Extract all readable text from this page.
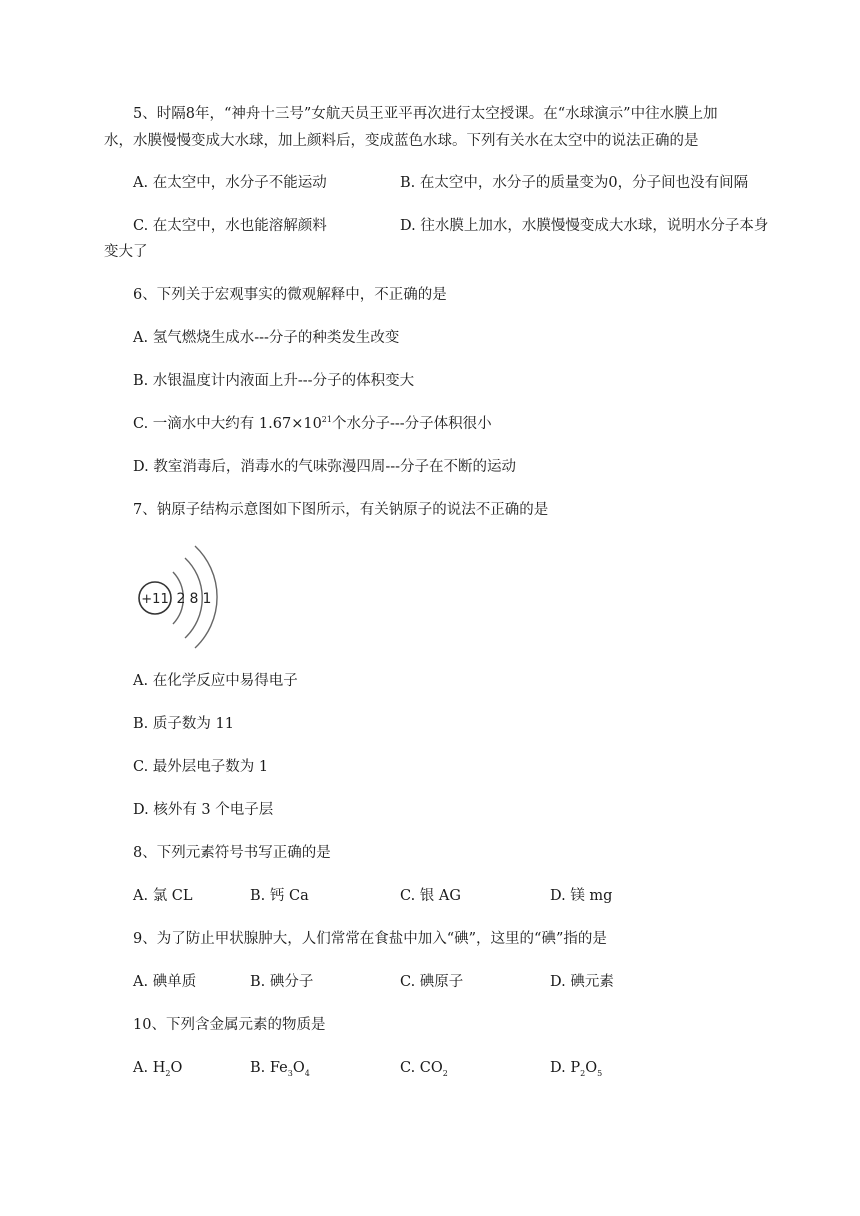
5、时隔8年，“神舟十三号”女航天员王亚平再次进行太空授课。在“水球演示”中往水膜上加
水，水膜慢慢变成大水球，加上颜料后，变成蓝色水球。下列有关水在太空中的说法正确的是
A. 在太空中，水分子不能运动	B. 在太空中，水分子的质量变为0，分子间也没有间隔
C. 在太空中，水也能溶解颜料	D. 往水膜上加水，水膜慢慢变成大水球，说明水分子本身
变大了
6、下列关于宏观事实的微观解释中，不正确的是
A. 氢气燃烧生成水---分子的种类发生改变
B. 水银温度计内液面上升---分子的体积变大
C. 一滴水中大约有 $1.67\times 10^{21}$个水分子---分子体积很小
D. 教室消毒后，消毒水的气味弥漫四周---分子在不断的运动
7、钠原子结构示意图如下图所示，有关钠原子的说法不正确的是
+11 2 8 1
A. 在化学反应中易得电子
B. 质子数为 11
C. 最外层电子数为 1
D. 核外有 3 个电子层
8、下列元素符号书写正确的是
A. 氯 CL	B. 钙 Ca	C. 银 AG	D. 镁 mg
9、为了防止甲状腺肿大，人们常常在食盐中加入“碘”，这里的“碘”指的是
A. 碘单质	B. 碘分子	C. 碘原子	D. 碘元素
10、下列含金属元素的物质是
A. $H_2O$	B. $Fe_3O_4$	C. $CO_2$	D. $P_2O_5$
